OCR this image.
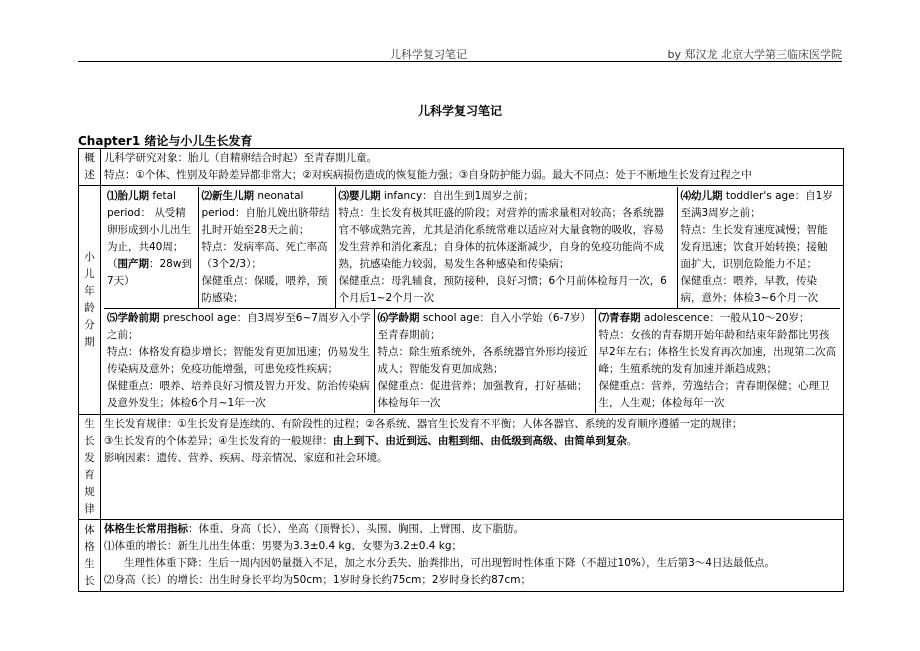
儿科学复习笔记	by 郑汉龙 北京大学第三临床医学院
儿科学复习笔记
Chapter1 绪论与小儿生长发育
概述	
儿科学研究对象：胎儿（自精卵结合时起）至青春期儿童。
特点：①个体、性别及年龄差异都非常大；②对疾病损伤造成的恢复能力强；③自身防护能力弱。最大不同点：处于不断地生长发育过程之中

小儿年龄分期	
⑴胎儿期 fetal period： 从受精卵形成到小儿出生为止，共40周；
（围产期：28w到7天）	⑵新生儿期 neonatal period：自胎儿娩出脐带结扎时开始至28天之前；
特点：发病率高、死亡率高（3个2/3）；
保健重点：保暖，喂养，预防感染；	⑶婴儿期 infancy：自出生到1周岁之前；
特点：生长发育极其旺盛的阶段；对营养的需求量相对较高；各系统器官不够成熟完善，尤其是消化系统常难以适应对大量食物的吸收，容易发生营养和消化紊乱；自身体的抗体逐渐减少，自身的免疫功能尚不成熟，抗感染能力较弱，易发生各种感染和传染病；
保健重点：母乳辅食，预防接种，良好习惯；6个月前体检每月一次，6个月后1~2个月一次	⑷幼儿期 toddler's age：自1岁至满3周岁之前；
特点：生长发育速度减慢；智能发育迅速；饮食开始转换；接触面扩大，识别危险能力不足；
保健重点：喂养，早教，传染病，意外；体检3~6个月一次
⑸学龄前期 preschool age：自3周岁至6~7周岁入小学之前；
特点：体格发育稳步增长；智能发育更加迅速；仍易发生传染病及意外；免疫功能增强，可患免疫性疾病；
保健重点：喂养、培养良好习惯及智力开发、防治传染病及意外发生；体检6个月~1年一次	⑹学龄期 school age：自入小学始（6-7岁）至青春期前；
特点：除生殖系统外，各系统器官外形均接近成人；智能发育更加成熟；
保健重点：促进营养；加强教育，打好基础；体检每年一次	⑺青春期 adolescence：一般从10～20岁；
特点：女孩的青春期开始年龄和结束年龄都比男孩早2年左右；体格生长发育再次加速，出现第二次高峰；生殖系统的发育加速并渐趋成熟；
保健重点：营养，劳逸结合；青春期保健；心理卫生，人生观；体检每年一次

生长发育规律	
生长发育规律：①生长发育是连续的、有阶段性的过程；②各系统、器官生长发育不平衡；人体各器官、系统的发育顺序遵循一定的规律；
③生长发育的个体差异；④生长发育的一般规律：由上到下、由近到远、由粗到细、由低级到高级、由简单到复杂。
影响因素：遗传、营养、疾病、母亲情况、家庭和社会环境。

体格生长	
体格生长常用指标：体重、身高（长）、坐高（顶臀长）、头围、胸围、上臂围、皮下脂肪。
⑴体重的增长：新生儿出生体重：男婴为3.3±0.4 kg、女婴为3.2±0.4 kg；
生理性体重下降：生后一周内因奶量摄入不足，加之水分丢失、胎粪排出，可出现暂时性体重下降（不超过10%），生后第3～4日达最低点。
⑵身高（长）的增长：出生时身长平均为50cm；1岁时身长约75cm；2岁时身长约87cm；
